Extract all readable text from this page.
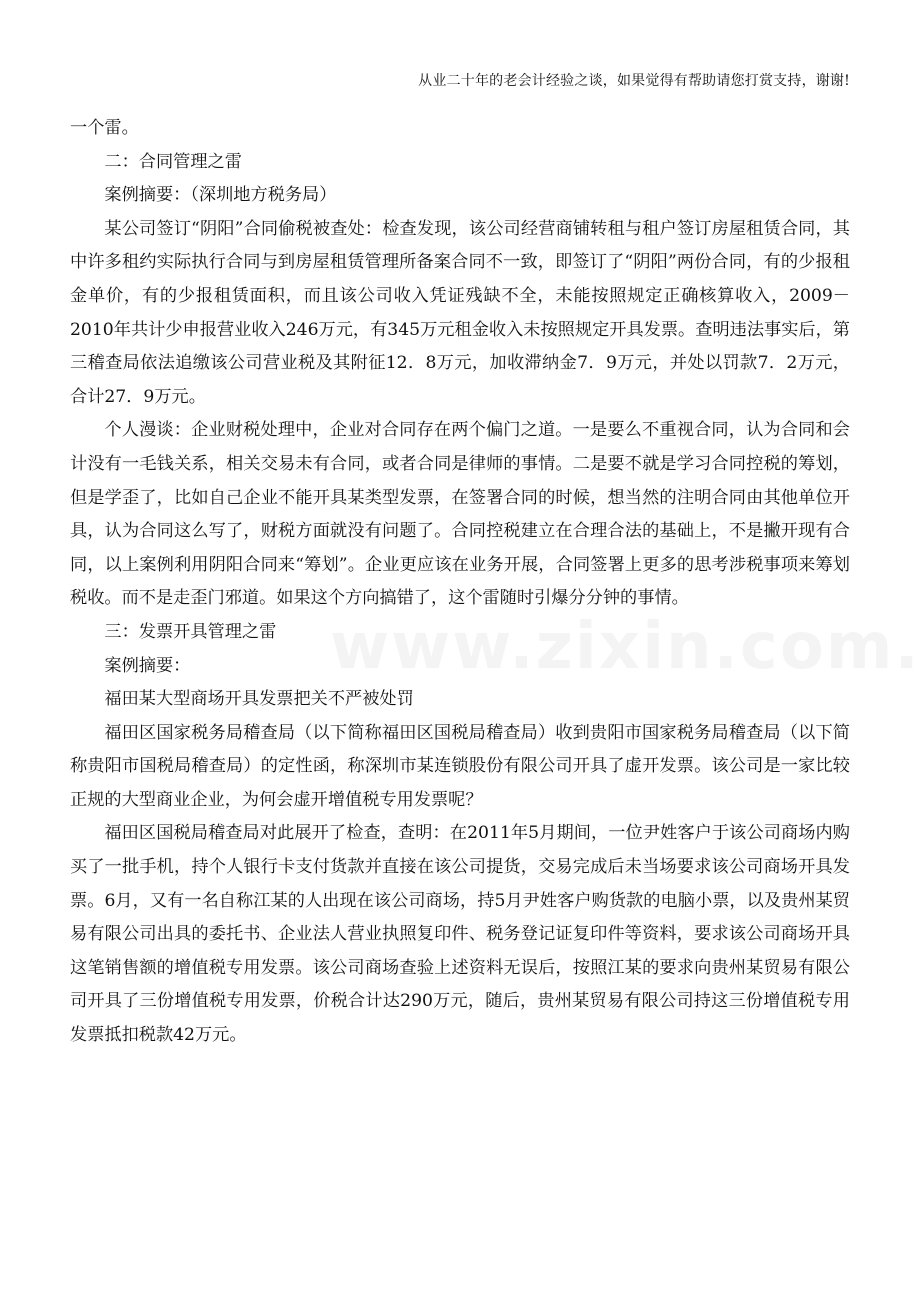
从业二十年的老会计经验之谈，如果觉得有帮助请您打赏支持，谢谢!

一个雷。

二：合同管理之雷

案例摘要：（深圳地方税务局）

某公司签订“阴阳”合同偷税被查处：检查发现，该公司经营商铺转租与租户签订房屋租赁合同，其中许多租约实际执行合同与到房屋租赁管理所备案合同不一致，即签订了“阴阳”两份合同，有的少报租金单价，有的少报租赁面积，而且该公司收入凭证残缺不全，未能按照规定正确核算收入，2009－2010年共计少申报营业收入246万元，有345万元租金收入未按照规定开具发票。查明违法事实后，第三稽查局依法追缴该公司营业税及其附征12．8万元，加收滞纳金7．9万元，并处以罚款7．2万元，合计27．9万元。

个人漫谈：企业财税处理中，企业对合同存在两个偏门之道。一是要么不重视合同，认为合同和会计没有一毛钱关系，相关交易未有合同，或者合同是律师的事情。二是要不就是学习合同控税的筹划，但是学歪了，比如自己企业不能开具某类型发票，在签署合同的时候，想当然的注明合同由其他单位开具，认为合同这么写了，财税方面就没有问题了。合同控税建立在合理合法的基础上，不是撇开现有合同，以上案例利用阴阳合同来“筹划”。企业更应该在业务开展，合同签署上更多的思考涉税事项来筹划税收。而不是走歪门邪道。如果这个方向搞错了，这个雷随时引爆分分钟的事情。

三：发票开具管理之雷

案例摘要：

福田某大型商场开具发票把关不严被处罚

福田区国家税务局稽查局（以下简称福田区国税局稽查局）收到贵阳市国家税务局稽查局（以下简称贵阳市国税局稽查局）的定性函，称深圳市某连锁股份有限公司开具了虚开发票。该公司是一家比较正规的大型商业企业，为何会虚开增值税专用发票呢？

福田区国税局稽查局对此展开了检查，查明：在2011年5月期间，一位尹姓客户于该公司商场内购买了一批手机，持个人银行卡支付货款并直接在该公司提货，交易完成后未当场要求该公司商场开具发票。6月，又有一名自称江某的人出现在该公司商场，持5月尹姓客户购货款的电脑小票，以及贵州某贸易有限公司出具的委托书、企业法人营业执照复印件、税务登记证复印件等资料，要求该公司商场开具这笔销售额的增值税专用发票。该公司商场查验上述资料无误后，按照江某的要求向贵州某贸易有限公司开具了三份增值税专用发票，价税合计达290万元，随后，贵州某贸易有限公司持这三份增值税专用发票抵扣税款42万元。
